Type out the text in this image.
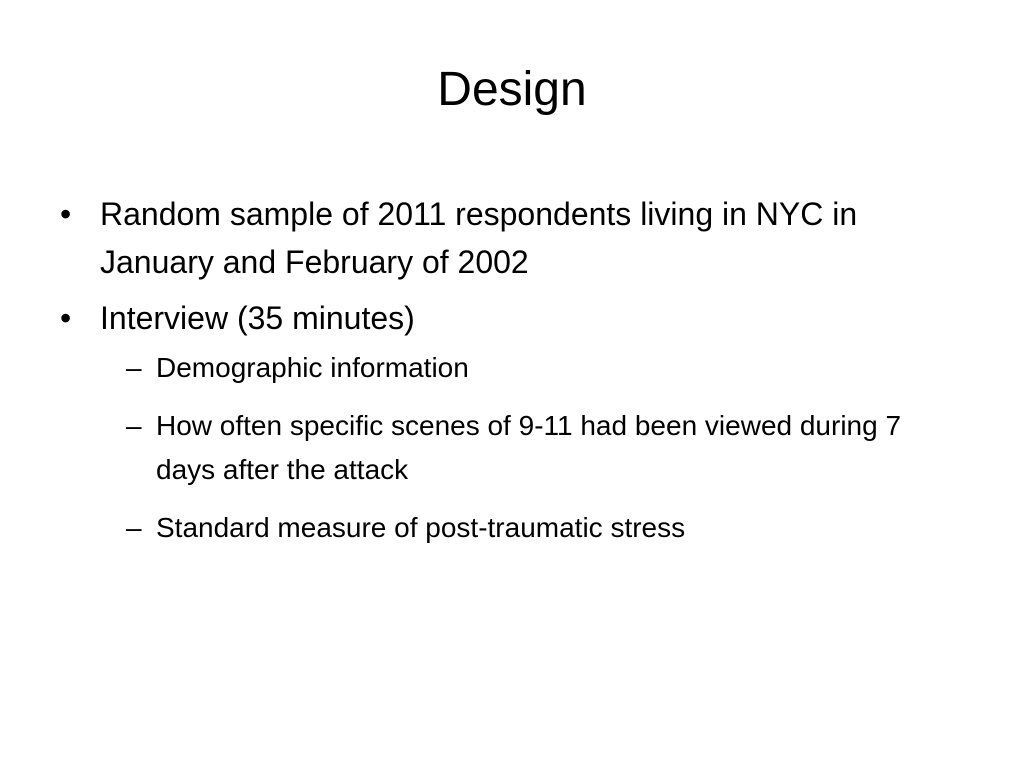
Design
• Random sample of 2011 respondents living in NYC in January and February of 2002
• Interview (35 minutes)
– Demographic information
– How often specific scenes of 9-11 had been viewed during 7 days after the attack
– Standard measure of post-traumatic stress
